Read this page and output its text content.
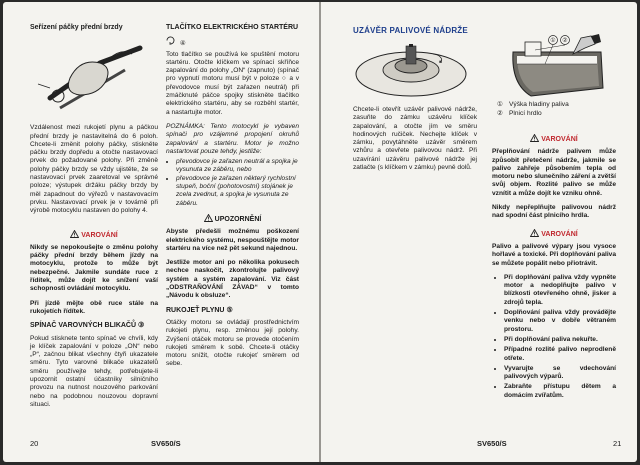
Seřízení páčky přední brzdy

Vzdálenost mezi rukojetí plynu a páčkou přední brzdy je nastavitelná do 6 poloh. Chcete-li změnit polohy páčky, stiskněte páčku brzdy dopředu a otočte nastavovací prvek do požadované polohy. Při změně polohy páčky brzdy se vždy ujistěte, že se nastavovací prvek zaaretoval ve správné poloze; výstupek držáku páčky brzdy by měl zapadnout do výřezů v nastavovacím prvku. Nastavovací prvek je v továrně při výrobě motocyklu nastaven do polohy 4.

VAROVÁNÍ

Nikdy se nepokoušejte o změnu polohy páčky přední brzdy během jízdy na motocyklu, protože to může být nebezpečné. Jakmile sundáte ruce z řídítek, může dojít ke snížení vaší schopnosti ovládání motocyklu.

Při jízdě mějte obě ruce stále na rukojetích řídítek.

SPÍNAČ VAROVNÝCH BLIKAČŮ ③

Pokud stisknete tento spínač ve chvíli, kdy je klíček zapalování v poloze „ON“ nebo „P“, začnou blikat všechny čtyři ukazatele směru. Tyto varovné blikače ukazatelů směru používejte tehdy, potřebujete-li upozornit ostatní účastníky silničního provozu na nutnost nouzového parkování nebo na podobnou nouzovou dopravní situaci.

TLAČÍTKO ELEKTRICKÉHO STARTÉRU
④

Toto tlačítko se používá ke spuštění motoru startéru. Otočte klíčkem ve spínací skříňce zapalování do polohy „ON“ (zapnuto) (spínač pro vypnutí motoru musí být v poloze ○ a v převodovce musí být zařazen neutrál) při zmáčknuté páčce spojky stiskněte tlačítko elektrického startéru, aby se rozběhl startér, a nastartujte motor.

POZNÁMKA: Tento motocykl je vybaven spínači pro vzájemné propojení okruhů zapalování a startéru. Motor je možno nastartovat pouze tehdy, jestliže:

• převodovce je zařazen neutrál a spojka je vysunuta ze záběru, nebo
• převodovce je zařazen některý rychlostní stupeň, boční (pohotovostní) stojánek je zcela zvednut, a spojka je vysunuta ze záběru.
UPOZORNĚNÍ

Abyste předešli možnému poškození elektrického systému, nespouštějte motor startéru na více než pět sekund najednou.

Jestliže motor ani po několika pokusech nechce naskočit, zkontrolujte palivový systém a systém zapalování. Viz část „ODSTRAŇOVÁNÍ ZÁVAD“ v tomto „Návodu k obsluze“.

RUKOJEŤ PLYNU ⑤

Otáčky motoru se ovládají prostřednictvím rukojeti plynu, resp. změnou její polohy. Zvýšení otáček motoru se provede otočením rukojeti směrem k sobě. Chcete-li otáčky motoru snížit, otočte rukojeť směrem od sebe.

20	SV650/S
UZÁVĚR PALIVOVÉ NÁDRŽE
① ②

Chcete-li otevřít uzávěr palivové nádrže, zasuňte do zámku uzávěru klíček zapalování, a otočte jím ve směru hodinových ručiček. Nechejte klíček v zámku, povytáhněte uzávěr směrem vzhůru a otevřete palivovou nádrž. Při uzavírání uzávěru palivové nádrže jej zatlačte (s klíčkem v zámku) pevně dolů.

① Výška hladiny paliva
② Plnicí hrdlo
VAROVÁNÍ

Přeplňování nádrže palivem může způsobit přetečení nádrže, jakmile se palivo zahřeje působením tepla od motoru nebo slunečního záření a zvětší svůj objem. Rozlité palivo se může vznítit a může dojít ke vzniku ohně.

Nikdy nepřeplňujte palivovou nádrž nad spodní část plnicího hrdla.

VAROVÁNÍ

Palivo a palivové výpary jsou vysoce hořlavé a toxické. Při doplňování paliva se můžete popálit nebo přiotrávit.

• Při doplňování paliva vždy vypněte motor a nedoplňujte palivo v blízkosti otevřeného ohně, jisker a zdrojů tepla.
• Doplňování paliva vždy provádějte venku nebo v dobře větraném prostoru.
• Při doplňování paliva nekuřte.
• Případné rozlité palivo neprodleně otřete.
• Vyvarujte se vdechování palivových výparů.
• Zabraňte přístupu dětem a domácím zvířatům.
SV650/S	21
